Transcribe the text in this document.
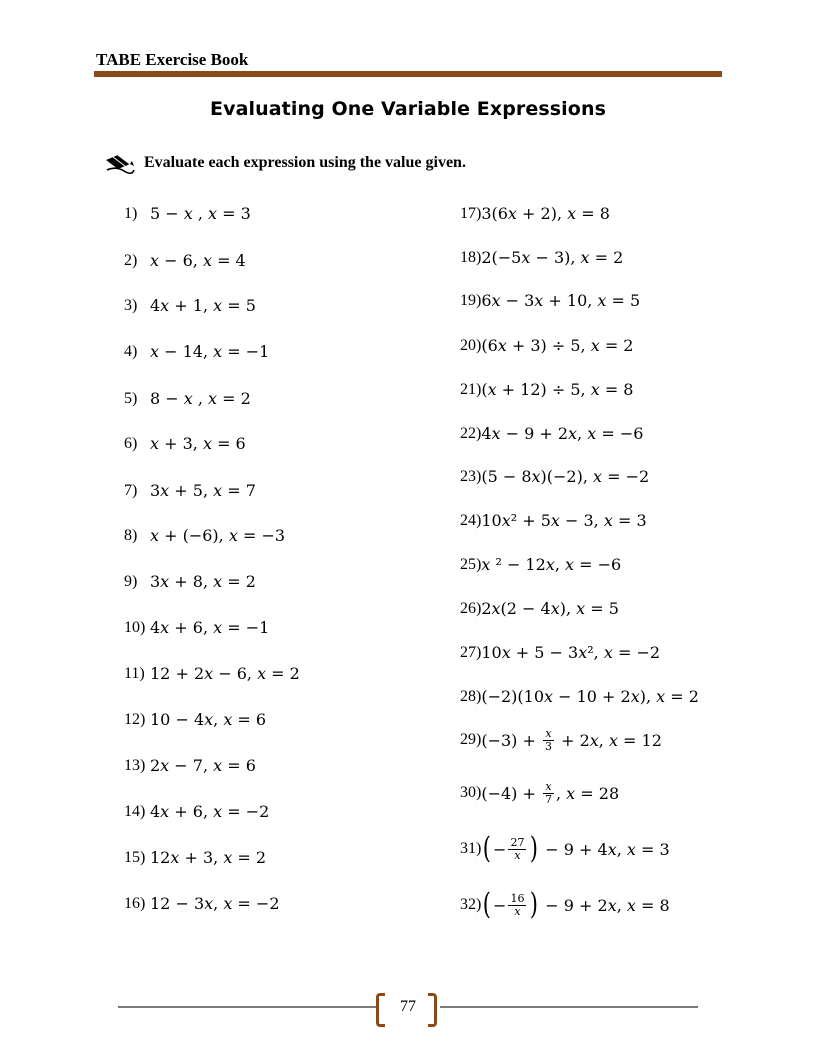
TABE Exercise Book
Evaluating One Variable Expressions
Evaluate each expression using the value given.
1) 5 − 𝑥 , 𝑥 = 3
2) 𝑥 − 6, 𝑥 = 4
3) 4𝑥 + 1, 𝑥 = 5
4) 𝑥 − 14, 𝑥 = −1
5) 8 − 𝑥 , 𝑥 = 2
6) 𝑥 + 3, 𝑥 = 6
7) 3𝑥 + 5, 𝑥 = 7
8) 𝑥 + (−6), 𝑥 = −3
9) 3𝑥 + 8, 𝑥 = 2
10) 4𝑥 + 6, 𝑥 = −1
11) 12 + 2𝑥 − 6, 𝑥 = 2
12) 10 − 4𝑥, 𝑥 = 6
13) 2𝑥 − 7, 𝑥 = 6
14) 4𝑥 + 6, 𝑥 = −2
15) 12𝑥 + 3, 𝑥 = 2
16) 12 − 3𝑥, 𝑥 = −2
17) 3(6𝑥 + 2), 𝑥 = 8
18) 2(−5𝑥 − 3), 𝑥 = 2
19) 6𝑥 − 3𝑥 + 10, 𝑥 = 5
20) (6𝑥 + 3) ÷ 5, 𝑥 = 2
21) (𝑥 + 12) ÷ 5, 𝑥 = 8
22) 4𝑥 − 9 + 2𝑥, 𝑥 = −6
23) (5 − 8𝑥)(−2), 𝑥 = −2
24) 10𝑥² + 5𝑥 − 3, 𝑥 = 3
25) 𝑥 ² − 12𝑥, 𝑥 = −6
26) 2𝑥(2 − 4𝑥), 𝑥 = 5
27) 10𝑥 + 5 − 3𝑥², 𝑥 = −2
28) (−2)(10𝑥 − 10 + 2𝑥), 𝑥 = 2
29) $(-3) + \frac{\text{𝑥}}{3}$ + 2𝑥, 𝑥 = 12
30) $(-4) + \frac{\text{𝑥}}{7}$ , 𝑥 = 28
31) ( − $\frac{27}{\text{𝑥}}$ ) − 9 + 4𝑥, 𝑥 = 3
32) ( − $\frac{16}{\text{𝑥}}$ ) − 9 + 2𝑥, 𝑥 = 8
77
